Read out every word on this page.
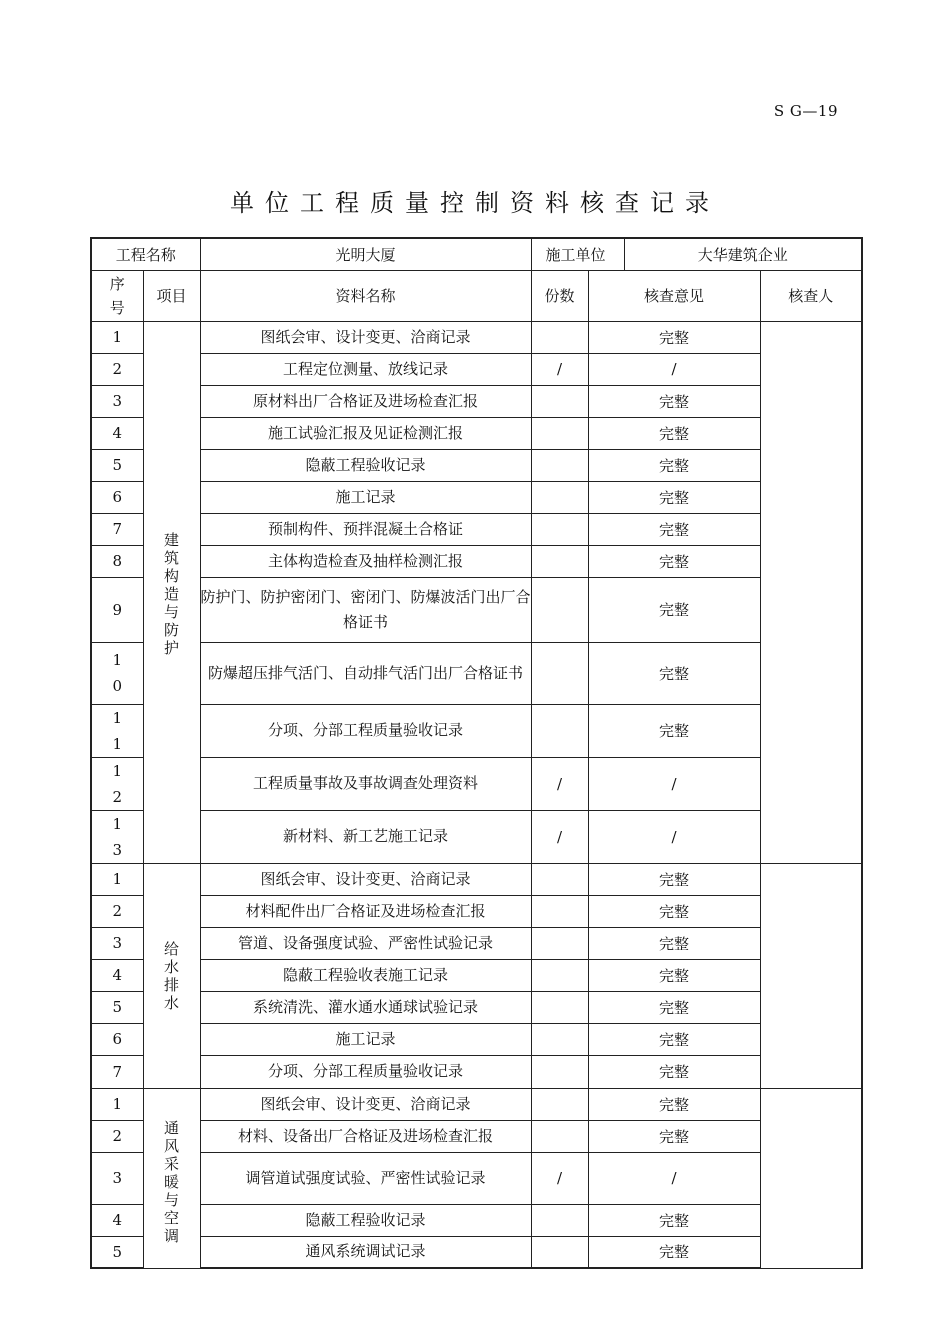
S G—19
单位工程质量控制资料核查记录
工程名称		光明大厦	施工单位		大华建筑企业	
序号	项目	资料名称	份数	核查意见		核查人
1	建筑构造与防护	图纸会审、设计变更、洽商记录		完整		
2		工程定位测量、放线记录	/	/		
3		原材料出厂合格证及进场检查汇报		完整		
4		施工试验汇报及见证检测汇报		完整		
5		隐蔽工程验收记录		完整		
6		施工记录		完整		
7		预制构件、预拌混凝土合格证		完整		
8		主体构造检查及抽样检测汇报		完整		
9		防护门、防护密闭门、密闭门、防爆波活门出厂合格证书		完整		
10		防爆超压排气活门、自动排气活门出厂合格证书		完整		
11		分项、分部工程质量验收记录		完整		
12		工程质量事故及事故调查处理资料	/	/		
13		新材料、新工艺施工记录	/	/		
1	给水排水	图纸会审、设计变更、洽商记录		完整		
2		材料配件出厂合格证及进场检查汇报		完整		
3		管道、设备强度试验、严密性试验记录		完整		
4		隐蔽工程验收表施工记录		完整		
5		系统清洗、灌水通水通球试验记录		完整		
6		施工记录		完整		
7		分项、分部工程质量验收记录		完整		
1	通风采暖与空调	图纸会审、设计变更、洽商记录		完整		
2		材料、设备出厂合格证及进场检查汇报		完整		
3		调管道试强度试验、严密性试验记录	/	/		
4		隐蔽工程验收记录		完整		
5		通风系统调试记录		完整		
